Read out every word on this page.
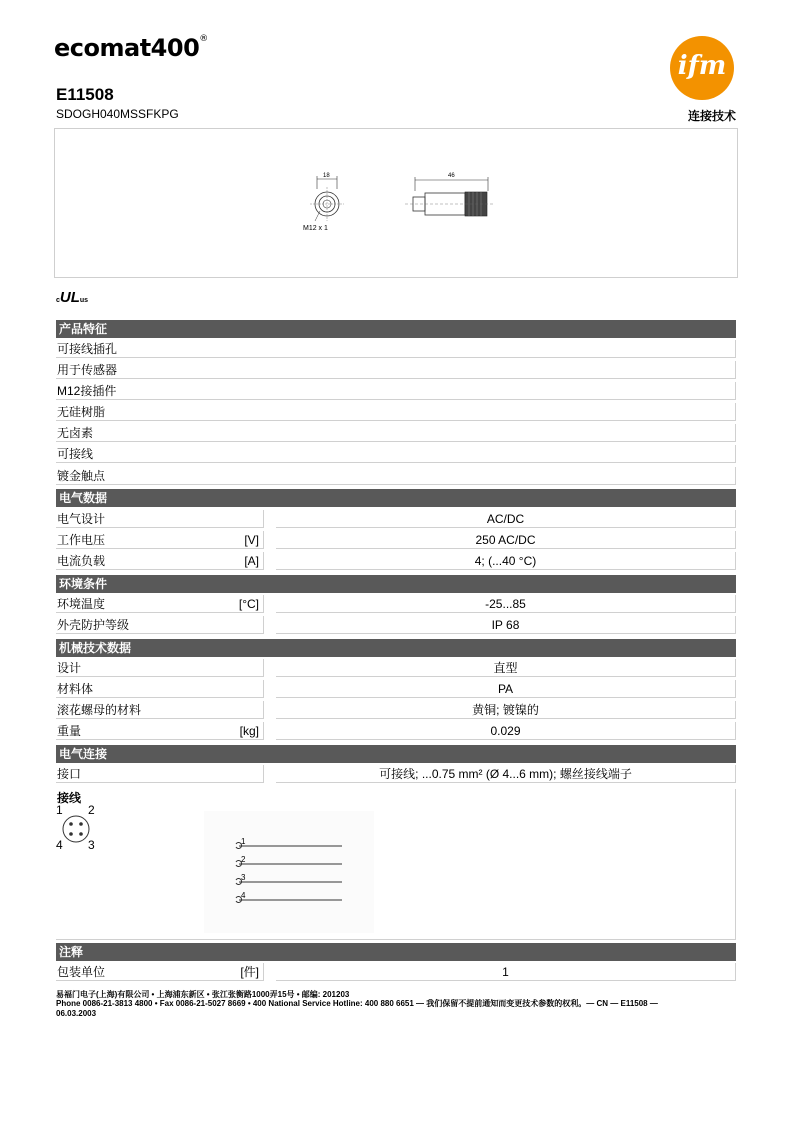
ecomat400®
E11508
SDOGH040MSSFKPG
ifm
连接技术
18
M12 x 1
46
cULus
产品特征
可接线插孔
用于传感器
M12接插件
无硅树脂
无卤素
可接线
镀金触点
电气数据
电气设计	AC/DC
工作电压	[V]	250 AC/DC
电流负载	[A]	4; (...40 °C)
环境条件
环境温度	[°C]	-25...85
外壳防护等级	IP 68
机械技术数据
设计	直型
材料体	PA
滚花螺母的材料	黄铜; 镀镍的
重量	[kg]	0.029
电气连接
接口	可接线; ...0.75 mm² (Ø 4...6 mm); 螺丝接线端子
接线
1 2
4 3	1
2
3
4
注释
包装单位	[件]	1
易福门电子(上海)有限公司 • 上海浦东新区 • 张江张衡路1000弄15号 • 邮编: 201203
Phone 0086-21-3813 4800 • Fax 0086-21-5027 8669 • 400 National Service Hotline: 400 880 6651 — 我们保留不提前通知而变更技术参数的权利。— CN — E11508 —
06.03.2003
